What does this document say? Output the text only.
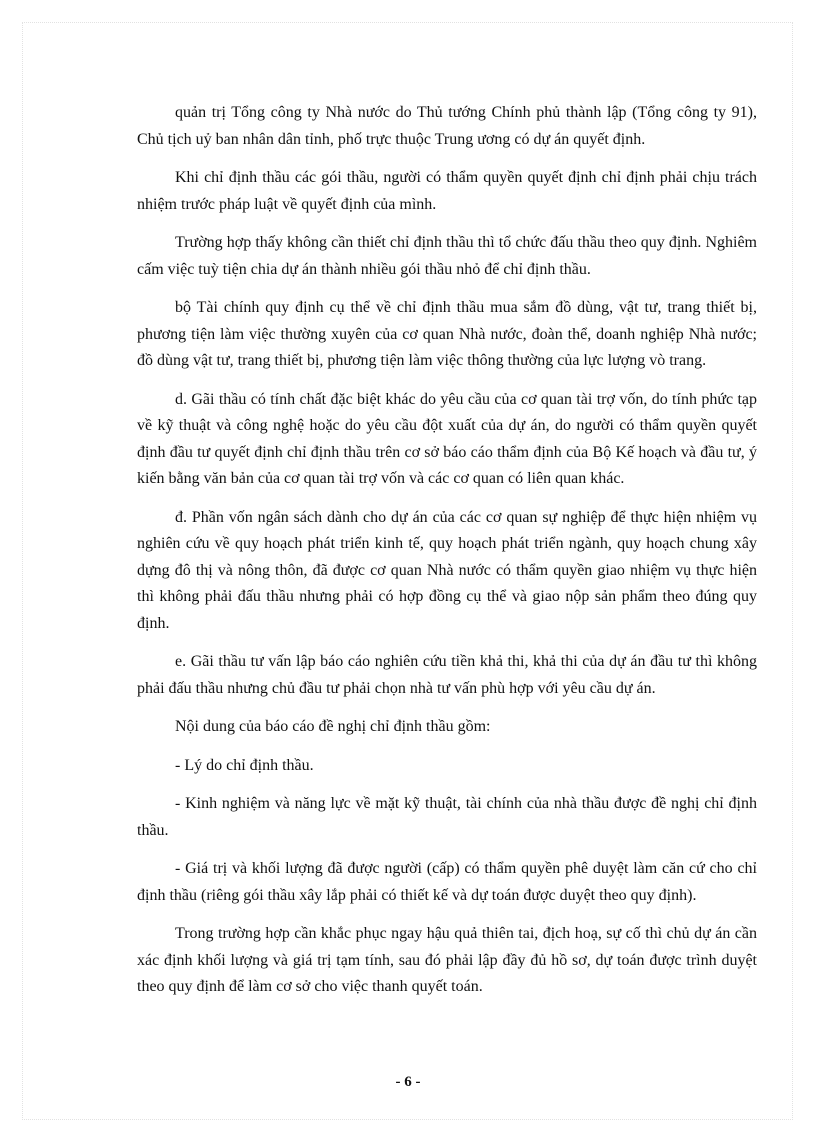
quản trị Tổng công ty Nhà nước do Thủ tướng Chính phủ thành lập (Tổng công ty 91), Chủ tịch uỷ ban nhân dân tỉnh, phố trực thuộc Trung ương có dự án quyết định.

Khi chỉ định thầu các gói thầu, người có thẩm quyền quyết định chỉ định phải chịu trách nhiệm trước pháp luật về quyết định của mình.

Trường hợp thấy không cần thiết chỉ định thầu thì tổ chức đấu thầu theo quy định. Nghiêm cấm việc tuỳ tiện chia dự án thành nhiều gói thầu nhỏ để chỉ định thầu.

bộ Tài chính quy định cụ thể về chỉ định thầu mua sắm đồ dùng, vật tư, trang thiết bị, phương tiện làm việc thường xuyên của cơ quan Nhà nước, đoàn thể, doanh nghiệp Nhà nước; đồ dùng vật tư, trang thiết bị, phương tiện làm việc thông thường của lực lượng vò trang.

d. Gãi thầu có tính chất đặc biệt khác do yêu cầu của cơ quan tài trợ vốn, do tính phức tạp về kỹ thuật và công nghệ hoặc do yêu cầu đột xuất của dự án, do người có thẩm quyền quyết định đầu tư quyết định chỉ định thầu trên cơ sở báo cáo thẩm định của Bộ Kế hoạch và đầu tư, ý kiến bằng văn bản của cơ quan tài trợ vốn và các cơ quan có liên quan khác.

đ. Phần vốn ngân sách dành cho dự án của các cơ quan sự nghiệp để thực hiện nhiệm vụ nghiên cứu về quy hoạch phát triển kinh tế, quy hoạch phát triển ngành, quy hoạch chung xây dựng đô thị và nông thôn, đã được cơ quan Nhà nước có thẩm quyền giao nhiệm vụ thực hiện thì không phải đấu thầu nhưng phải có hợp đồng cụ thể và giao nộp sản phẩm theo đúng quy định.

e. Gãi thầu tư vấn lập báo cáo nghiên cứu tiền khả thi, khả thi của dự án đầu tư thì không phải đấu thầu nhưng chủ đầu tư phải chọn nhà tư vấn phù hợp với yêu cầu dự án.

Nội dung của báo cáo đề nghị chỉ định thầu gồm:

- Lý do chỉ định thầu.

- Kinh nghiệm và năng lực về mặt kỹ thuật, tài chính của nhà thầu được đề nghị chỉ định thầu.

- Giá trị và khối lượng đã được người (cấp) có thẩm quyền phê duyệt làm căn cứ cho chỉ định thầu (riêng gói thầu xây lắp phải có thiết kế và dự toán được duyệt theo quy định).

Trong trường hợp cần khắc phục ngay hậu quả thiên tai, địch hoạ, sự cố thì chủ dự án cần xác định khối lượng và giá trị tạm tính, sau đó phải lập đầy đủ hồ sơ, dự toán được trình duyệt theo quy định để làm cơ sở cho việc thanh quyết toán.

- 6 -
